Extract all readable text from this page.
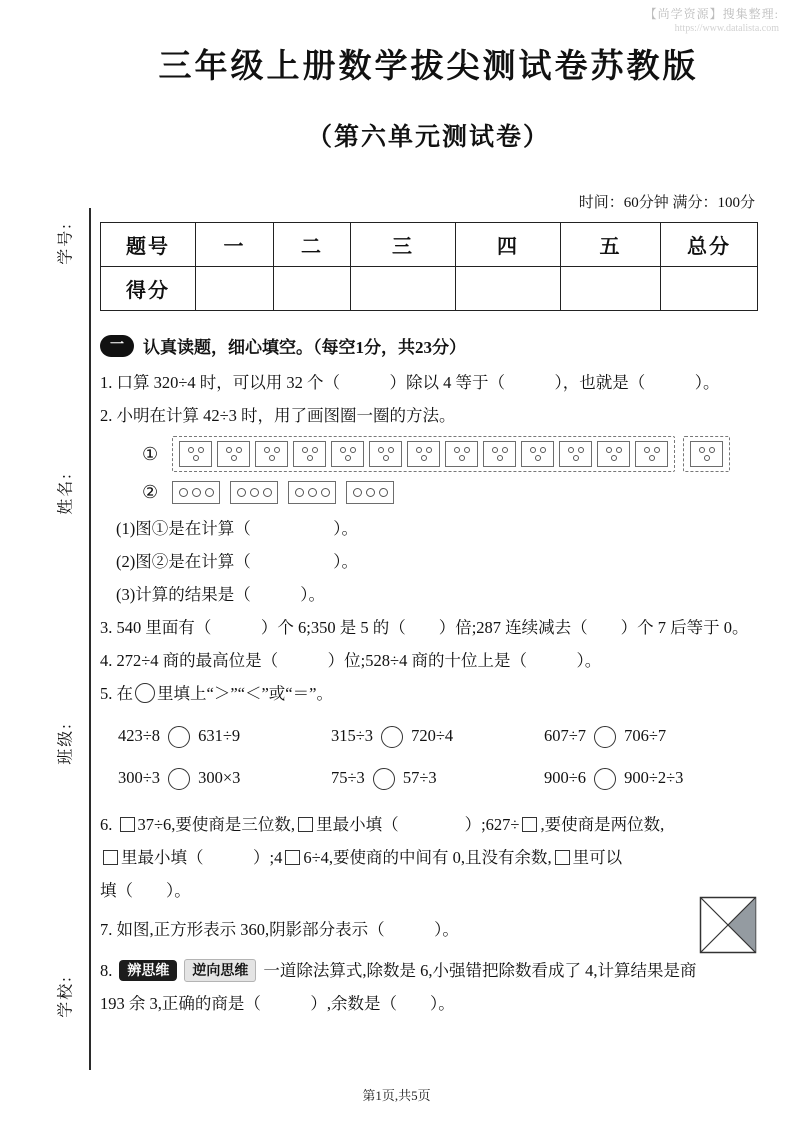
【尚学资源】搜集整理:
https://www.datalista.com
学号:
姓名:
班级:
学校:
三年级上册数学拔尖测试卷苏教版
（第六单元测试卷）
时间：60分钟 满分：100分
题号	一	二	三	四	五	总分
得分						
一	认真读题，细心填空。（每空1分，共23分）

1. 口算 320÷4 时，可以用 32 个（　　　）除以 4 等于（　　　），也就是（　　　）。

2. 小明在计算 42÷3 时，用了画图圈一圈的方法。

①
②

(1)图①是在计算（　　　　　）。

(2)图②是在计算（　　　　　）。

(3)计算的结果是（　　　）。

3. 540 里面有（　　　）个 6;350 是 5 的（　　）倍;287 连续减去（　　）个 7 后等于 0。

4. 272÷4 商的最高位是（　　　）位;528÷4 商的十位上是（　　　）。

5. 在 里填上“＞”“＜”或“＝”。

423÷8 631÷9	315÷3 720÷4	607÷7 706÷7
300÷3 300×3	75÷3 57÷3	900÷6 900÷2÷3

6. 37÷6,要使商是三位数, 里最小填（　　　　）;627÷ ,要使商是两位数,

里最小填（　　　）;4 6÷4,要使商的中间有 0,且没有余数, 里可以

填（　　）。

7. 如图,正方形表示 360,阴影部分表示（　　　）。

8.	辨思维	逆向思维 一道除法算式,除数是 6,小强错把除数看成了 4,计算结果是商

193 余 3,正确的商是（　　　）,余数是（　　）。

第1页,共5页
